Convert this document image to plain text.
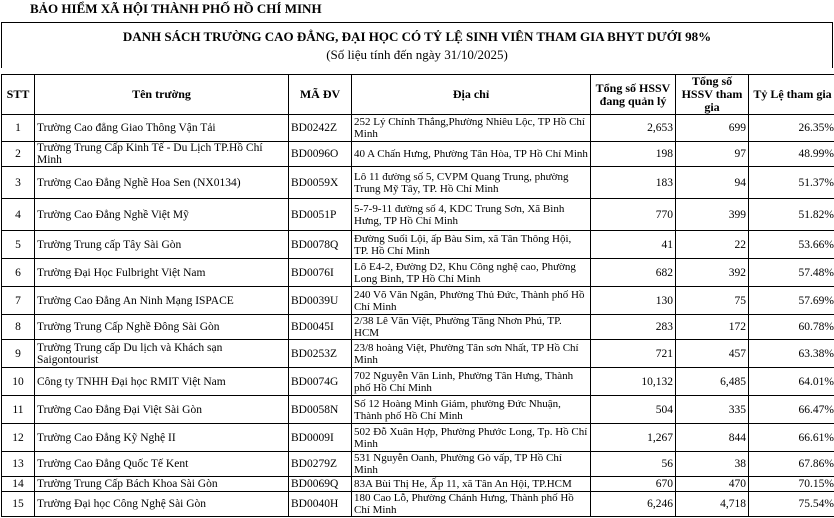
BẢO HIỂM XÃ HỘI THÀNH PHỐ HỒ CHÍ MINH
DANH SÁCH TRƯỜNG CAO ĐẲNG, ĐẠI HỌC CÓ TỶ LỆ SINH VIÊN THAM GIA BHYT DƯỚI 98%
(Số liệu tính đến ngày 31/10/2025)
STT	Tên trường	MÃ ĐV	Địa chỉ	Tổng số HSSV đang quản lý	Tổng số HSSV tham gia	Tỷ Lệ tham gia
1	Trường Cao đẳng Giao Thông Vận Tải	BD0242Z	252 Lý Chính Thắng,Phường Nhiêu Lộc, TP Hồ Chí Minh	2,653	699	26.35%
2	Trường Trung Cấp Kinh Tế - Du Lịch TP.Hồ Chí Minh	BD0096O	40 A Chấn Hưng, Phường Tân Hòa, TP Hồ Chí Minh	198	97	48.99%
3	Trường Cao Đẳng Nghề Hoa Sen (NX0134)	BD0059X	Lô 11 đường số 5, CVPM Quang Trung, phường Trung Mỹ Tây, TP. Hồ Chí Minh	183	94	51.37%
4	Trường Cao Đẳng Nghề Việt Mỹ	BD0051P	5-7-9-11 đường số 4, KDC Trung Sơn, Xã Bình Hưng, TP Hồ Chí Minh	770	399	51.82%
5	Trường Trung cấp Tây Sài Gòn	BD0078Q	Đường Suối Lội, ấp Bàu Sim, xã Tân Thông Hội, TP. Hồ Chí Minh	41	22	53.66%
6	Trường Đại Học Fulbright Việt Nam	BD0076I	Lô E4-2, Đường D2, Khu Công nghệ cao, Phường Long Bình, TP Hồ Chí Minh	682	392	57.48%
7	Trường Cao Đẳng An Ninh Mạng ISPACE	BD0039U	240 Võ Văn Ngân, Phường Thủ Đức, Thành phố Hồ Chí Minh	130	75	57.69%
8	Trường Trung Cấp Nghề Đông Sài Gòn	BD0045I	2/38 Lê Văn Việt, Phường Tăng Nhơn Phú, TP. HCM	283	172	60.78%
9	Trường Trung cấp Du lịch và Khách sạn Saigontourist	BD0253Z	23/8 hoàng Việt, Phường Tân sơn Nhất, TP Hồ Chí Minh	721	457	63.38%
10	Công ty TNHH Đại học RMIT Việt Nam	BD0074G	702 Nguyễn Văn Linh, Phường Tân Hưng, Thành phố Hồ Chí Minh	10,132	6,485	64.01%
11	Trường Cao Đẳng Đại Việt Sài Gòn	BD0058N	Số 12 Hoàng Minh Giám, phường Đức Nhuận, Thành phố Hồ Chí Minh	504	335	66.47%
12	Trường Cao Đẳng Kỹ Nghệ II	BD0009I	502 Đỗ Xuân Hợp, Phường Phước Long, Tp. Hồ Chí Minh	1,267	844	66.61%
13	Trường Cao Đẳng Quốc Tế Kent	BD0279Z	531 Nguyễn Oanh, Phường Gò vấp, TP Hồ Chí Minh	56	38	67.86%
14	Trường Trung Cấp Bách Khoa Sài Gòn	BD0069Q	83A Bùi Thị He, Ấp 11, xã Tân An Hội, TP.HCM	670	470	70.15%
15	Trường Đại học Công Nghệ Sài Gòn	BD0040H	180 Cao Lỗ, Phường Chánh Hưng, Thành phố Hồ Chí Minh	6,246	4,718	75.54%
